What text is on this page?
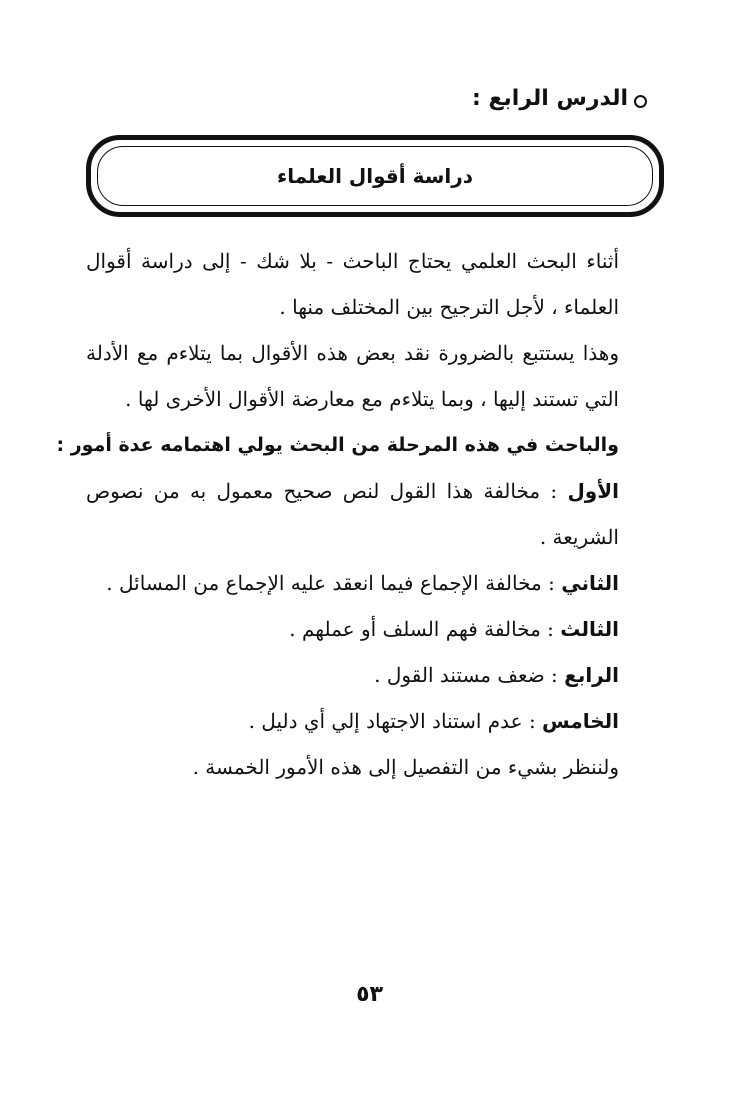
الدرس الرابع :
دراسة أقوال العلماء

أثناء البحث العلمي يحتاج الباحث - بلا شك - إلى دراسة أقوال العلماء ، لأجل الترجيح بين المختلف منها .

وهذا يستتبع بالضرورة نقد بعض هذه الأقوال بما يتلاءم مع الأدلة التي تستند إليها ، وبما يتلاءم مع معارضة الأقوال الأخرى لها .

والباحث في هذه المرحلة من البحث يولي اهتمامه عدة أمور :

الأول : مخالفة هذا القول لنص صحيح معمول به من نصوص الشريعة .

الثاني : مخالفة الإجماع فيما انعقد عليه الإجماع من المسائل .

الثالث : مخالفة فهم السلف أو عملهم .

الرابع : ضعف مستند القول .

الخامس : عدم استناد الاجتهاد إلي أي دليل .

ولننظر بشيء من التفصيل إلى هذه الأمور الخمسة .

٥٣
